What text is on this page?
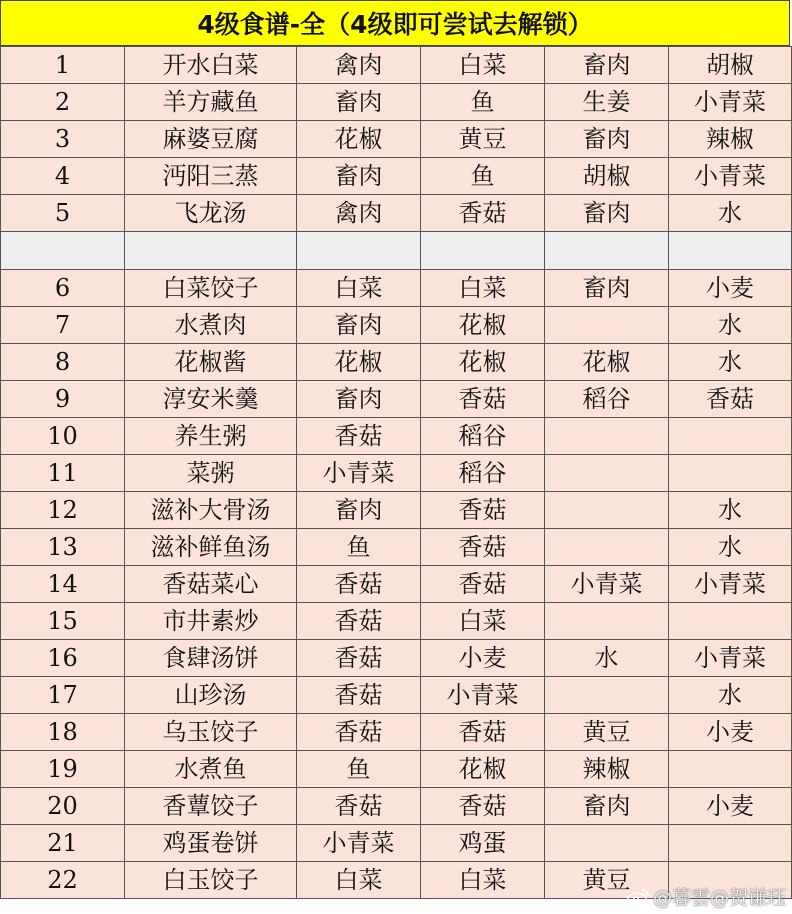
4级食谱-全（4级即可尝试去解锁）
1	开水白菜	禽肉	白菜	畜肉	胡椒
2	羊方藏鱼	畜肉	鱼	生姜	小青菜
3	麻婆豆腐	花椒	黄豆	畜肉	辣椒
4	沔阳三蒸	畜肉	鱼	胡椒	小青菜
5	飞龙汤	禽肉	香菇	畜肉	水

6	白菜饺子	白菜	白菜	畜肉	小麦
7	水煮肉	畜肉	花椒		水
8	花椒酱	花椒	花椒	花椒	水
9	淳安米羹	畜肉	香菇	稻谷	香菇
10	养生粥	香菇	稻谷		
11	菜粥	小青菜	稻谷		
12	滋补大骨汤	畜肉	香菇		水
13	滋补鲜鱼汤	鱼	香菇		水
14	香菇菜心	香菇	香菇	小青菜	小青菜
15	市井素炒	香菇	白菜		
16	食肆汤饼	香菇	小麦	水	小青菜
17	山珍汤	香菇	小青菜		水
18	乌玉饺子	香菇	香菇	黄豆	小麦
19	水煮鱼	鱼	花椒	辣椒	
20	香蕈饺子	香菇	香菇	畜肉	小麦
21	鸡蛋卷饼	小青菜	鸡蛋		
22	白玉饺子	白菜	白菜	黄豆	
@暮雲@贺谦珏
